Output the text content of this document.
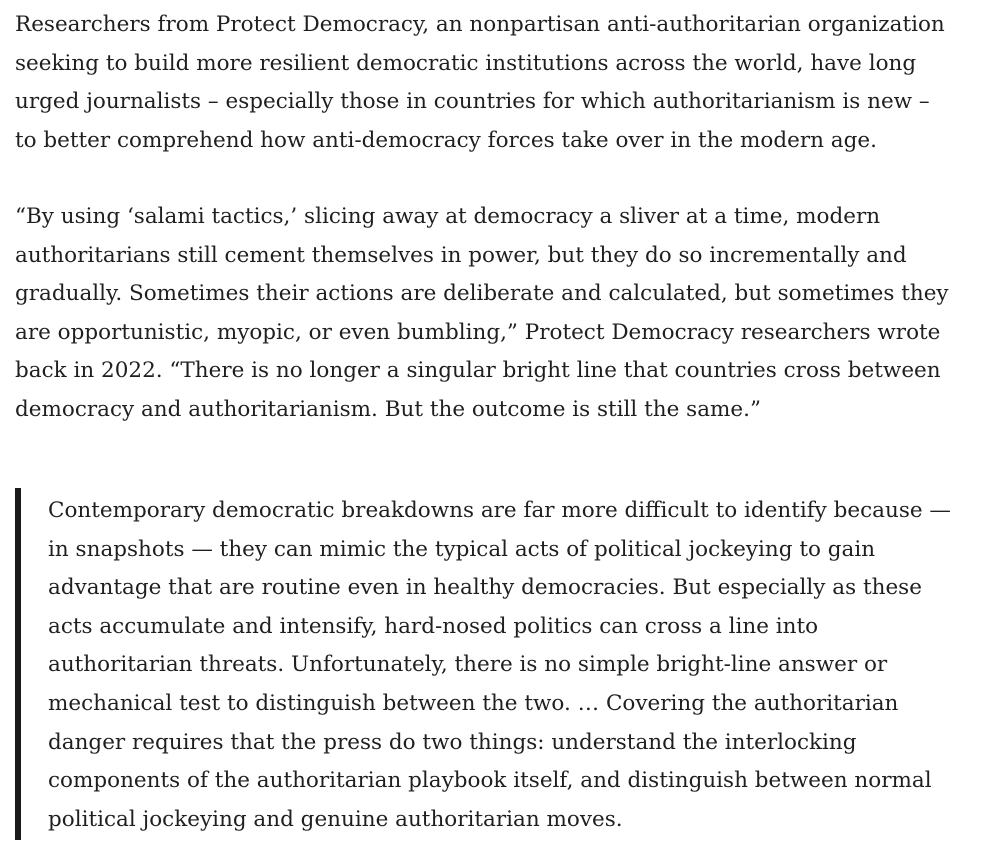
Researchers from Protect Democracy, an nonpartisan anti-authoritarian organization
seeking to build more resilient democratic institutions across the world, have long
urged journalists – especially those in countries for which authoritarianism is new –
to better comprehend how anti-democracy forces take over in the modern age.

“By using ‘salami tactics,’ slicing away at democracy a sliver at a time, modern
authoritarians still cement themselves in power, but they do so incrementally and
gradually. Sometimes their actions are deliberate and calculated, but sometimes they
are opportunistic, myopic, or even bumbling,” Protect Democracy researchers wrote
back in 2022. “There is no longer a singular bright line that countries cross between
democracy and authoritarianism. But the outcome is still the same.”

Contemporary democratic breakdowns are far more difficult to identify because —
in snapshots — they can mimic the typical acts of political jockeying to gain
advantage that are routine even in healthy democracies. But especially as these
acts accumulate and intensify, hard-nosed politics can cross a line into
authoritarian threats. Unfortunately, there is no simple bright-line answer or
mechanical test to distinguish between the two. … Covering the authoritarian
danger requires that the press do two things: understand the interlocking
components of the authoritarian playbook itself, and distinguish between normal
political jockeying and genuine authoritarian moves.
